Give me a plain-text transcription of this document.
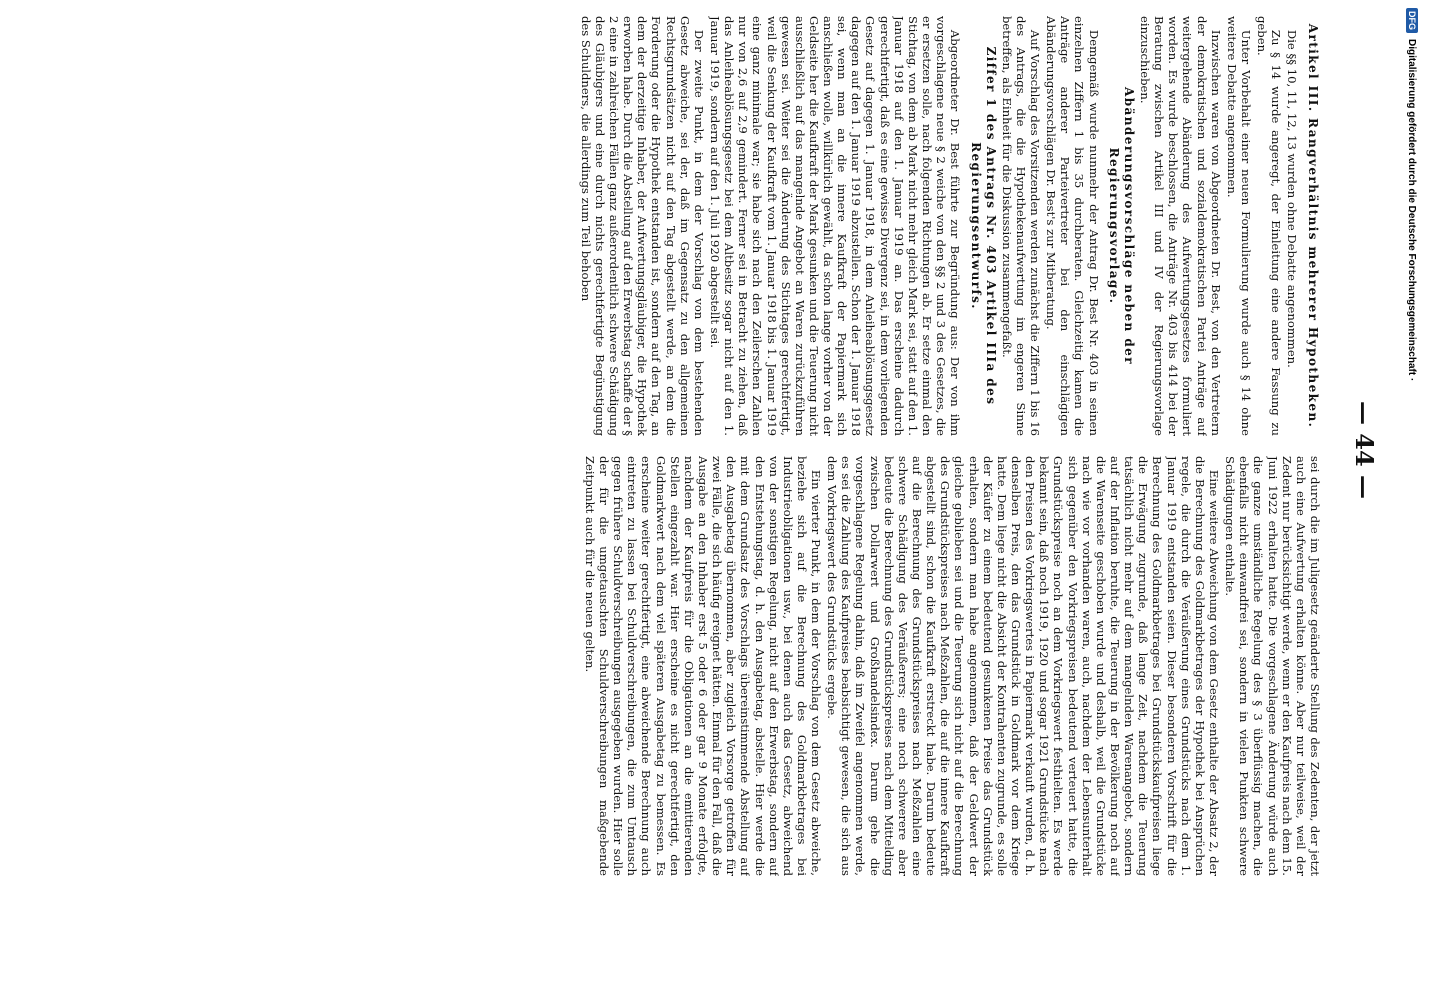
— 44 —
Artikel III. Rangverhältnis mehrerer Hypotheken.

Die §§ 10, 11, 12, 13 wurden ohne Debatte angenommen.

Zu § 14 wurde angeregt, der Einleitung eine andere Fassung zu geben.

Unter Vorbehalt einer neuen Formulierung wurde auch § 14 ohne weitere Debatte angenommen.

Inzwischen waren von Abgeordneten Dr. Best, von den Vertretern der demokratischen und sozialdemokratischen Partei Anträge auf weitergehende Abänderung des Aufwertungsgesetzes formuliert worden. Es wurde beschlossen, die Anträge Nr. 403 bis 414 bei der Beratung zwischen Artikel III und IV der Regierungsvorlage einzuschieben.

Abänderungsvorschläge neben der Regierungsvorlage.

Demgemäß wurde nunmehr der Antrag Dr. Best Nr. 403 in seinen einzelnen Ziffern 1 bis 35 durchberaten. Gleichzeitig kamen die Anträge anderer Parteivertreter bei den einschlägigen Abänderungsvorschlägen Dr. Best's zur Mitberatung.

Auf Vorschlag des Vorsitzenden werden zunächst die Ziffern 1 bis 16 des Antrags, die die Hypothekenaufwertung im engeren Sinne betreffen, als Einheit für die Diskussion zusammengefaßt.

Ziffer 1 des Antrags Nr. 403 Artikel IIIa des Regierungsentwurfs.

Abgeordneter Dr. Best führte zur Begründung aus: Der von ihm vorgeschlagene neue § 2 weiche von den §§ 2 und 3 des Gesetzes, die er ersetzen solle, nach folgenden Richtungen ab. Er setze einmal den Stichtag, von dem ab Mark nicht mehr gleich Mark sei, statt auf den 1. Januar 1918 auf den 1. Januar 1919 an. Das erscheine dadurch gerechtfertigt, daß es eine gewisse Divergenz sei, in dem vorliegenden Gesetz auf dagegen 1. Januar 1918, in dem Anleiheablösungsgesetz dagegen auf den 1. Januar 1919 abzustellen. Schon der 1. Januar 1918 sei, wenn man an die innere Kaufkraft der Papiermark sich anschließen wolle, willkürlich gewählt, da schon lange vorher von der Geldseite her die Kaufkraft der Mark gesunken und die Teuerung nicht ausschließlich auf das mangelnde Angebot an Waren zurückzuführen gewesen sei. Weiter sei die Änderung des Stichtages gerechtfertigt, weil die Senkung der Kaufkraft vom 1. Januar 1918 bis 1. Januar 1919 eine ganz minimale war; sie habe sich nach den Zeilerschen Zahlen nur von 2,6 auf 2,9 gemindert. Ferner sei in Betracht zu ziehen, daß das Anleiheablösungsgesetz bei dem Altbesitz sogar nicht auf den 1. Januar 1919, sondern auf den 1. Juli 1920 abgestellt sei.

Der zweite Punkt, in dem der Vorschlag von dem bestehenden Gesetz abweiche, sei der, daß im Gegensatz zu den allgemeinen Rechtsgrundsätzen nicht auf den Tag abgestellt werde, an dem die Forderung oder die Hypothek entstanden ist, sondern auf den Tag, an dem der derzeitige Inhaber, der Aufwertungsgläubiger, die Hypothek erworben habe. Durch die Abstellung auf den Erwerbstag schaffe der § 2 eine in zahlreichen Fällen ganz außerordentlich schwere Schädigung des Gläubigers und eine durch nichts gerechtfertigte Begünstigung des Schuldners, die allerdings zum Teil behoben

sei durch die im Juligesetz geänderte Stellung des Zedenten, der jetzt auch eine Aufwertung erhalten könne. Aber nur teilweise, weil der Zedent nur berücksichtigt werde, wenn er den Kaufpreis nach dem 15. Juni 1922 erhalten hatte. Die vorgeschlagene Änderung würde auch die ganze umständliche Regelung des § 3 überflüssig machen, die ebenfalls nicht einwandfrei sei, sondern in vielen Punkten schwere Schädigungen enthalte.

Eine weitere Abweichung von dem Gesetz enthalte der Absatz 2, der die Berechnung des Goldmarkbetrages der Hypothek bei Ansprüchen regele, die durch die Veräußerung eines Grundstücks nach dem 1. Januar 1919 entstanden seien. Dieser besonderen Vorschrift für die Berechnung des Goldmarkbetrages bei Grundstückskaufpreisen liege die Erwägung zugrunde, daß lange Zeit, nachdem die Teuerung tatsächlich nicht mehr auf dem mangelnden Warenangebot, sondern auf der Inflation beruhte, die Teuerung in der Bevölkerung noch auf die Warenseite geschoben wurde und deshalb, weil die Grundstücke nach wie vor vorhanden waren, auch, nachdem der Lebensunterhalt sich gegenüber den Vorkriegspreisen bedeutend verteuert hatte, die Grundstückspreise noch an dem Vorkriegswert festhielten. Es werde bekannt sein, daß noch 1919, 1920 und sogar 1921 Grundstücke nach den Preisen des Vorkriegswertes in Papiermark verkauft wurden, d. h. denselben Preis, den das Grundstück in Goldmark vor dem Kriege hatte. Dem liege nicht die Absicht der Kontrahenten zugrunde, es solle der Käufer zu einem bedeutend gesunkenen Preise das Grundstück erhalten, sondern man habe angenommen, daß der Geldwert der gleiche geblieben sei und die Teuerung sich nicht auf die Berechnung des Grundstückspreises nach Meßzahlen, die auf die innere Kaufkraft abgestellt sind, schon die Kaufkraft erstreckt habe. Darum bedeute auf die Berechnung des Grundstückspreises nach Meßzahlen eine schwere Schädigung des Veräußerers; eine noch schwerere aber bedeute die Berechnung des Grundstückspreises nach dem Mittelding zwischen Dollarwert und Großhandelsindex. Darum gehe die vorgeschlagene Regelung dahin, daß im Zweifel angenommen werde, es sei die Zahlung des Kaufpreises beabsichtigt gewesen, die sich aus dem Vorkriegswert des Grundstücks ergebe.

Ein vierter Punkt, in dem der Vorschlag von dem Gesetz abweiche, beziehe sich auf die Berechnung des Goldmarkbetrages bei Industrieobligationen usw., bei denen auch das Gesetz, abweichend von der sonstigen Regelung, nicht auf den Erwerbstag, sondern auf den Entstehungstag, d. h. den Ausgabetag, abstelle. Hier werde die mit dem Grundsatz des Vorschlags übereinstimmende Abstellung auf den Ausgabetag übernommen, aber zugleich Vorsorge getroffen für zwei Fälle, die sich häufig ereignet hätten. Einmal für den Fall, daß die Ausgabe an den Inhaber erst 5 oder 6 oder gar 9 Monate erfolgte, nachdem der Kaufpreis für die Obligationen an die emittierenden Stellen eingezahlt war. Hier erscheine es nicht gerechtfertigt, den Goldmarkwert nach dem viel späteren Ausgabetag zu bemessen. Es erscheine weiter gerechtfertigt, eine abweichende Berechnung auch eintreten zu lassen bei Schuldverschreibungen, die zum Umtausch gegen frühere Schuldverschreibungen ausgegeben wurden. Hier solle der für die umgetauschten Schuldverschreibungen maßgebende Zeitpunkt auch für die neuen gelten.

DFGDigitalisierung gefördert durch die Deutsche Forschungsgemeinschaft ·
